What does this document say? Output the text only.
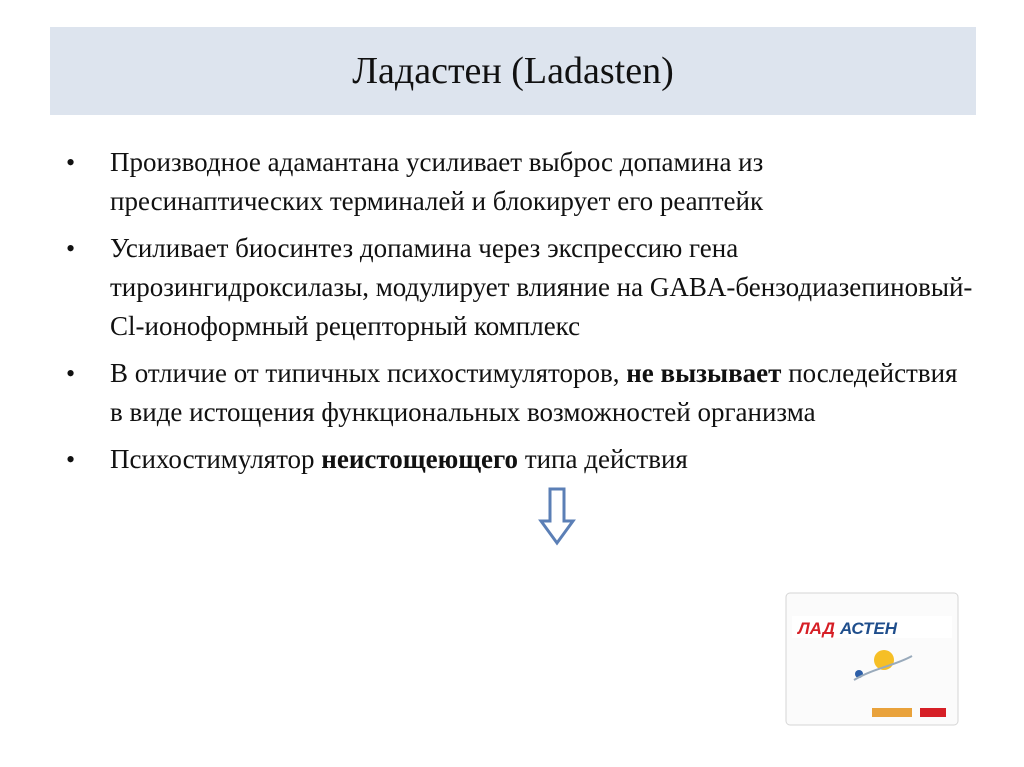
Ладастен (Ladasten)
• Производное адамантана усиливает выброс допамина из пресинаптических терминалей и блокирует его реаптейк
• Усиливает биосинтез допамина через экспрессию гена тирозингидроксилазы, модулирует влияние на GABA-бензодиазепиновый-Cl-ионоформный рецепторный комплекс
• В отличие от типичных психостимуляторов, не вызывает последействия в виде истощения функциональных возможностей организма
• Психостимулятор неистощеющего типа действия
ЛАД АСТЕН
